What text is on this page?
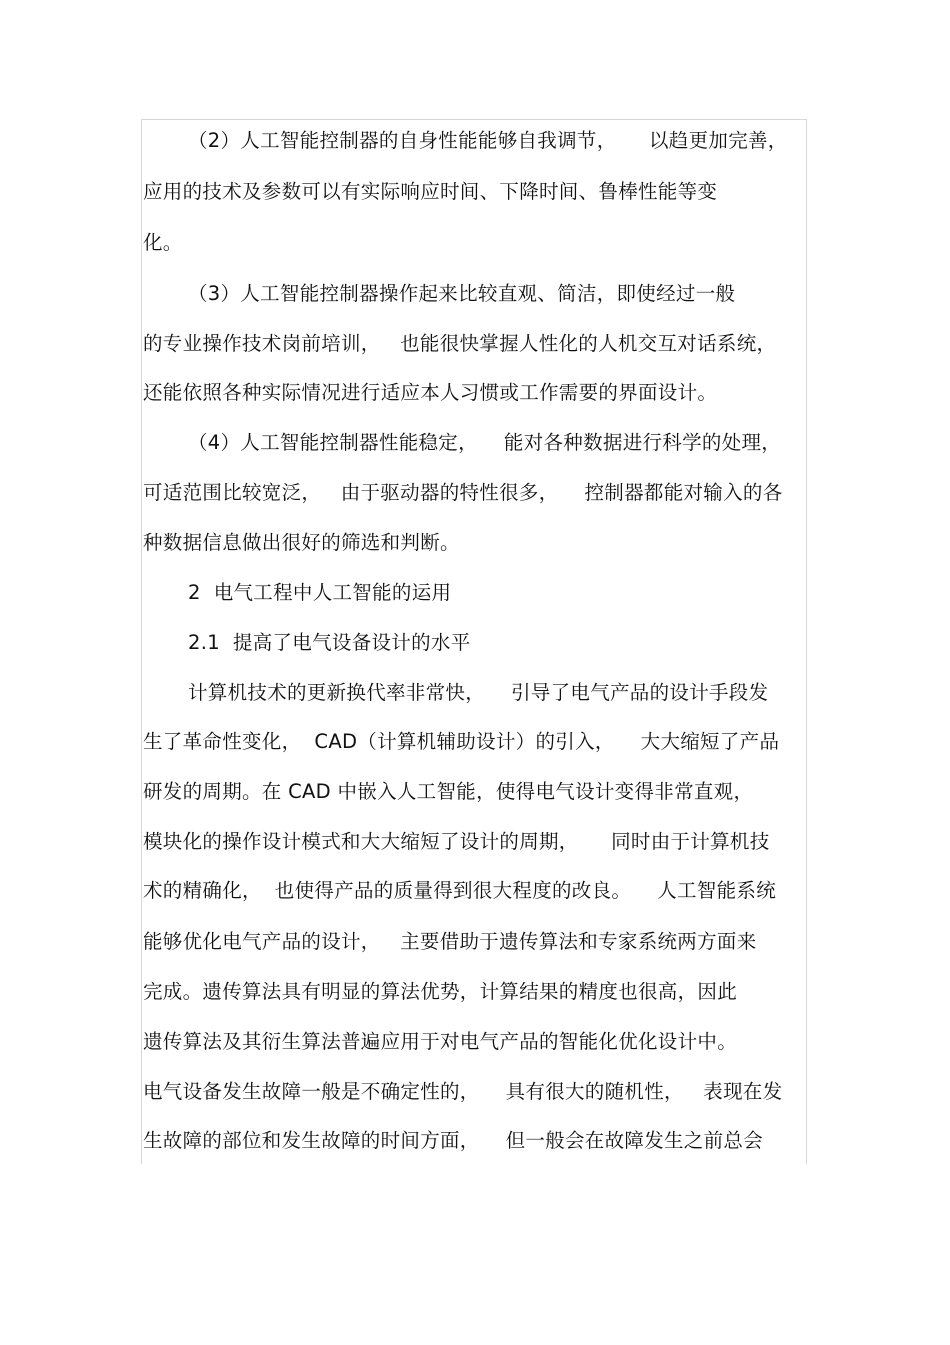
（2）人工智能控制器的自身性能能够自我调节，     以趋更加完善，
应用的技术及参数可以有实际响应时间、下降时间、鲁棒性能等变
化。
（3）人工智能控制器操作起来比较直观、简洁，即使经过一般
的专业操作技术岗前培训，   也能很快掌握人性化的人机交互对话系统，
还能依照各种实际情况进行适应本人习惯或工作需要的界面设计。
（4）人工智能控制器性能稳定，    能对各种数据进行科学的处理，
可适范围比较宽泛，   由于驱动器的特性很多，    控制器都能对输入的各
种数据信息做出很好的筛选和判断。
2  电气工程中人工智能的运用
2.1  提高了电气设备设计的水平
计算机技术的更新换代率非常快，    引导了电气产品的设计手段发
生了革命性变化，  CAD（计算机辅助设计）的引入，    大大缩短了产品
研发的周期。在 CAD 中嵌入人工智能，使得电气设计变得非常直观，
模块化的操作设计模式和大大缩短了设计的周期，     同时由于计算机技
术的精确化，  也使得产品的质量得到很大程度的改良。    人工智能系统
能够优化电气产品的设计，   主要借助于遗传算法和专家系统两方面来
完成。遗传算法具有明显的算法优势，计算结果的精度也很高，因此
遗传算法及其衍生算法普遍应用于对电气产品的智能化优化设计中。
电气设备发生故障一般是不确定性的，    具有很大的随机性，   表现在发
生故障的部位和发生故障的时间方面，    但一般会在故障发生之前总会
